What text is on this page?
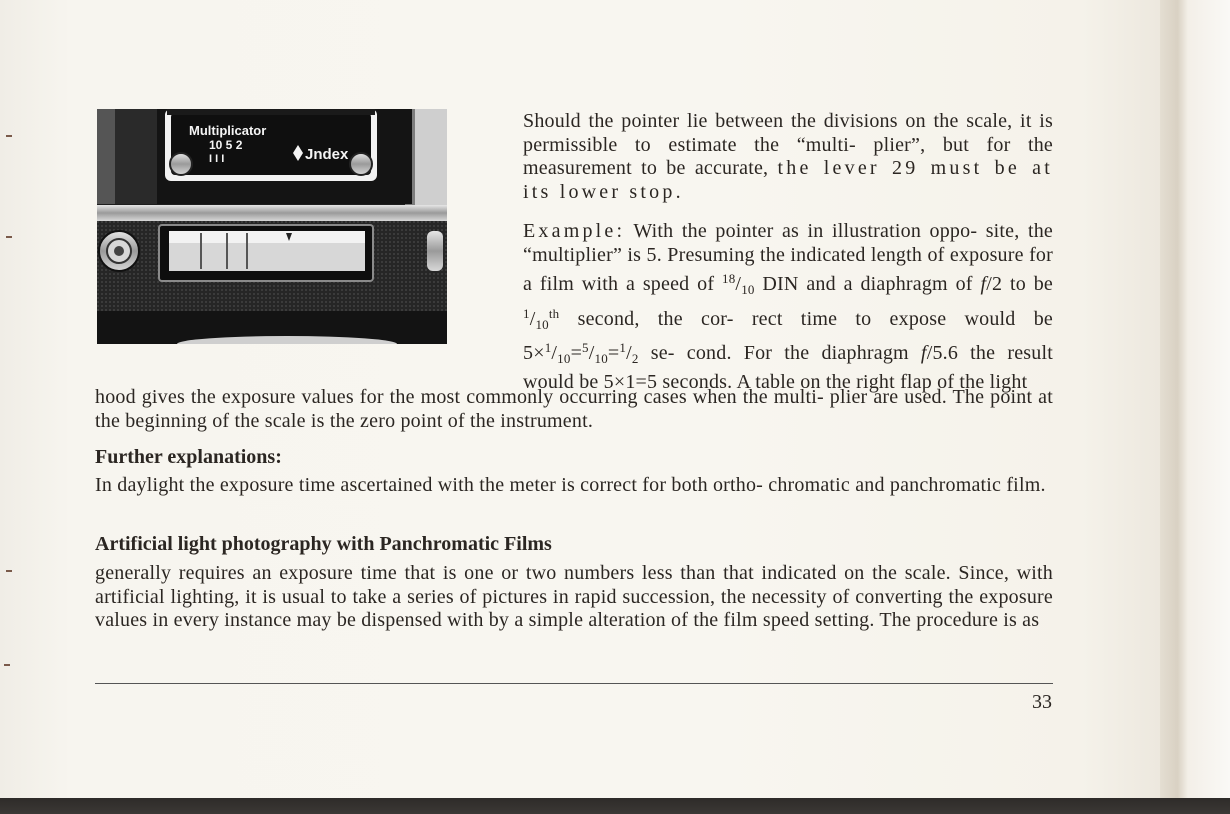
Multiplicator
10 5 2
I I I	Jndex

Should the pointer lie between the divisions on the scale, it is permissible to estimate the “multi- plier”, but for the measurement to be accurate, the lever 29 must be at its lower stop.

Example: With the pointer as in illustration oppo- site, the “multiplier” is 5. Presuming the indicated length of exposure for a film with a speed of $^{18}/_{10}$ DIN and a diaphragm of f/2 to be $^1/_{10}^{th}$ second, the cor- rect time to expose would be $5\times^1/_{10}=^5/_{10}=^1/_2$ se- cond. For the diaphragm f/5.6 the result would be 5×1=5 seconds. A table on the right flap of the light

hood gives the exposure values for the most commonly occurring cases when the multi- plier are used. The point at the beginning of the scale is the zero point of the instrument.

Further explanations:

In daylight the exposure time ascertained with the meter is correct for both ortho- chromatic and panchromatic film.

Artificial light photography with Panchromatic Films

generally requires an exposure time that is one or two numbers less than that indicated on the scale. Since, with artificial lighting, it is usual to take a series of pictures in rapid succession, the necessity of converting the exposure values in every instance may be dispensed with by a simple alteration of the film speed setting. The procedure is as

33
